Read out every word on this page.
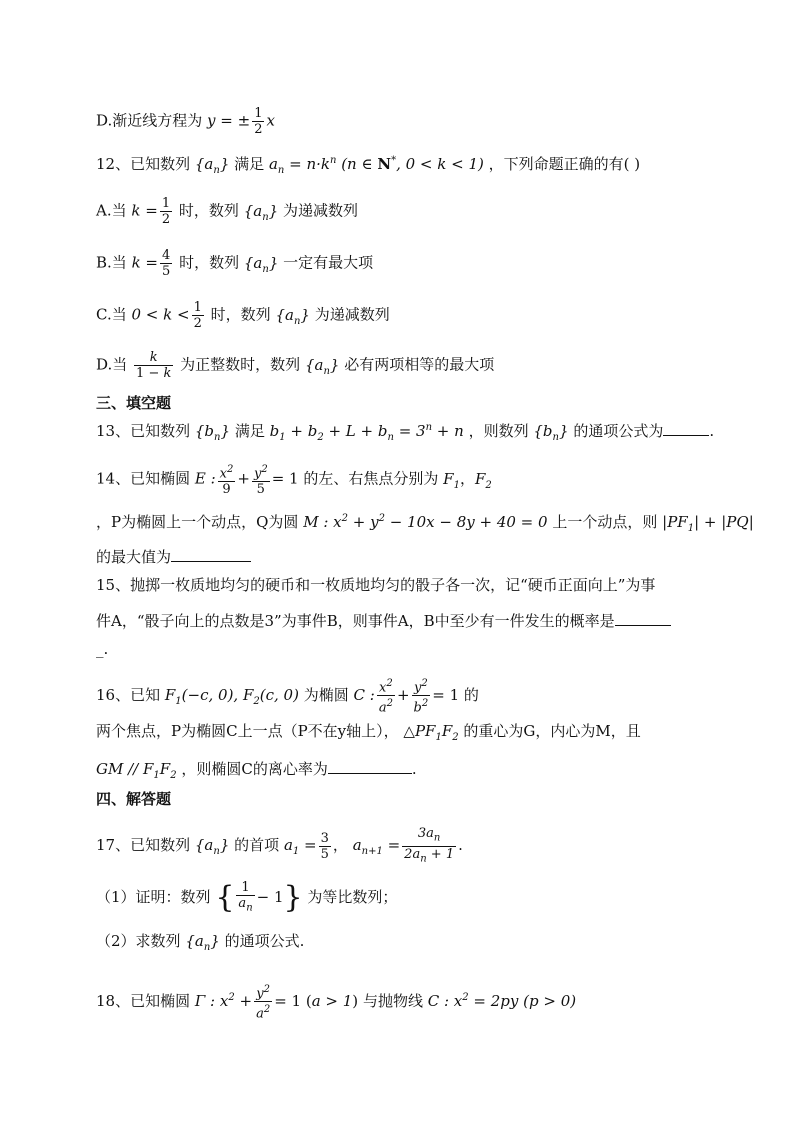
D.渐近线方程为 y = ± $\frac{1}{2}$ x
12、已知数列 $\{a_n\}$ 满足 $a_n = n\cdot k^n$ (n ∈ N*, 0 < k < 1) ，下列命题正确的有( )
A.当 $k = \frac{1}{2}$ 时，数列 $\{a_n\}$ 为递减数列
B.当 $k = \frac{4}{5}$ 时，数列 $\{a_n\}$ 一定有最大项
C.当 $0 < k < \frac{1}{2}$ 时，数列 $\{a_n\}$ 为递减数列
D.当 $\frac{k}{1 - k}$ 为正整数时，数列 $\{a_n\}$ 必有两项相等的最大项
三、填空题
13、已知数列 $\{b_n\}$ 满足 $b_1 + b_2 + L + b_n = 3^n + n$ ，则数列 $\{b_n\}$ 的通项公式为	.
14、已知椭圆 E : $\frac{x^2}{9} + \frac{y^2}{5} = 1$ 的左、右焦点分别为 $F_1$，$F_2$
，P为椭圆上一个动点，Q为圆 M : $x^2 + y^2 - 10x - 8y + 40 = 0$ 上一个动点，则 $|PF_1| + |PQ|$
的最大值为
15、抛掷一枚质地均匀的硬币和一枚质地均匀的骰子各一次，记“硬币正面向上”为事
件A，“骰子向上的点数是3”为事件B，则事件A，B中至少有一件发生的概率是
_.
16、已知 $F_1(-c$, 0), $F_2(c$, 0) 为椭圆 C : $\frac{x^2}{a^2} + \frac{y^2}{b^2} = 1$ 的
两个焦点，P为椭圆C上一点（P不在y轴上）， $\triangle PF_1F_2$ 的重心为G，内心为M，且
GM // $F_1F_2$ ，则椭圆C的离心率为	.
四、解答题
17、已知数列 $\{a_n\}$ 的首项 $a_1 = \frac{3}{5}$ ， $a_{n+1} = \frac{3a_n}{2a_n + 1}$ .
（1）证明：数列 { $\frac{1}{a_n} - 1$} 为等比数列；
（2）求数列 $\{a_n\}$ 的通项公式.
18、已知椭圆 Γ : $x^2 + \frac{y^2}{a^2} = 1$ (a > 1) 与抛物线 C : $x^2 = 2py$ (p > 0)
